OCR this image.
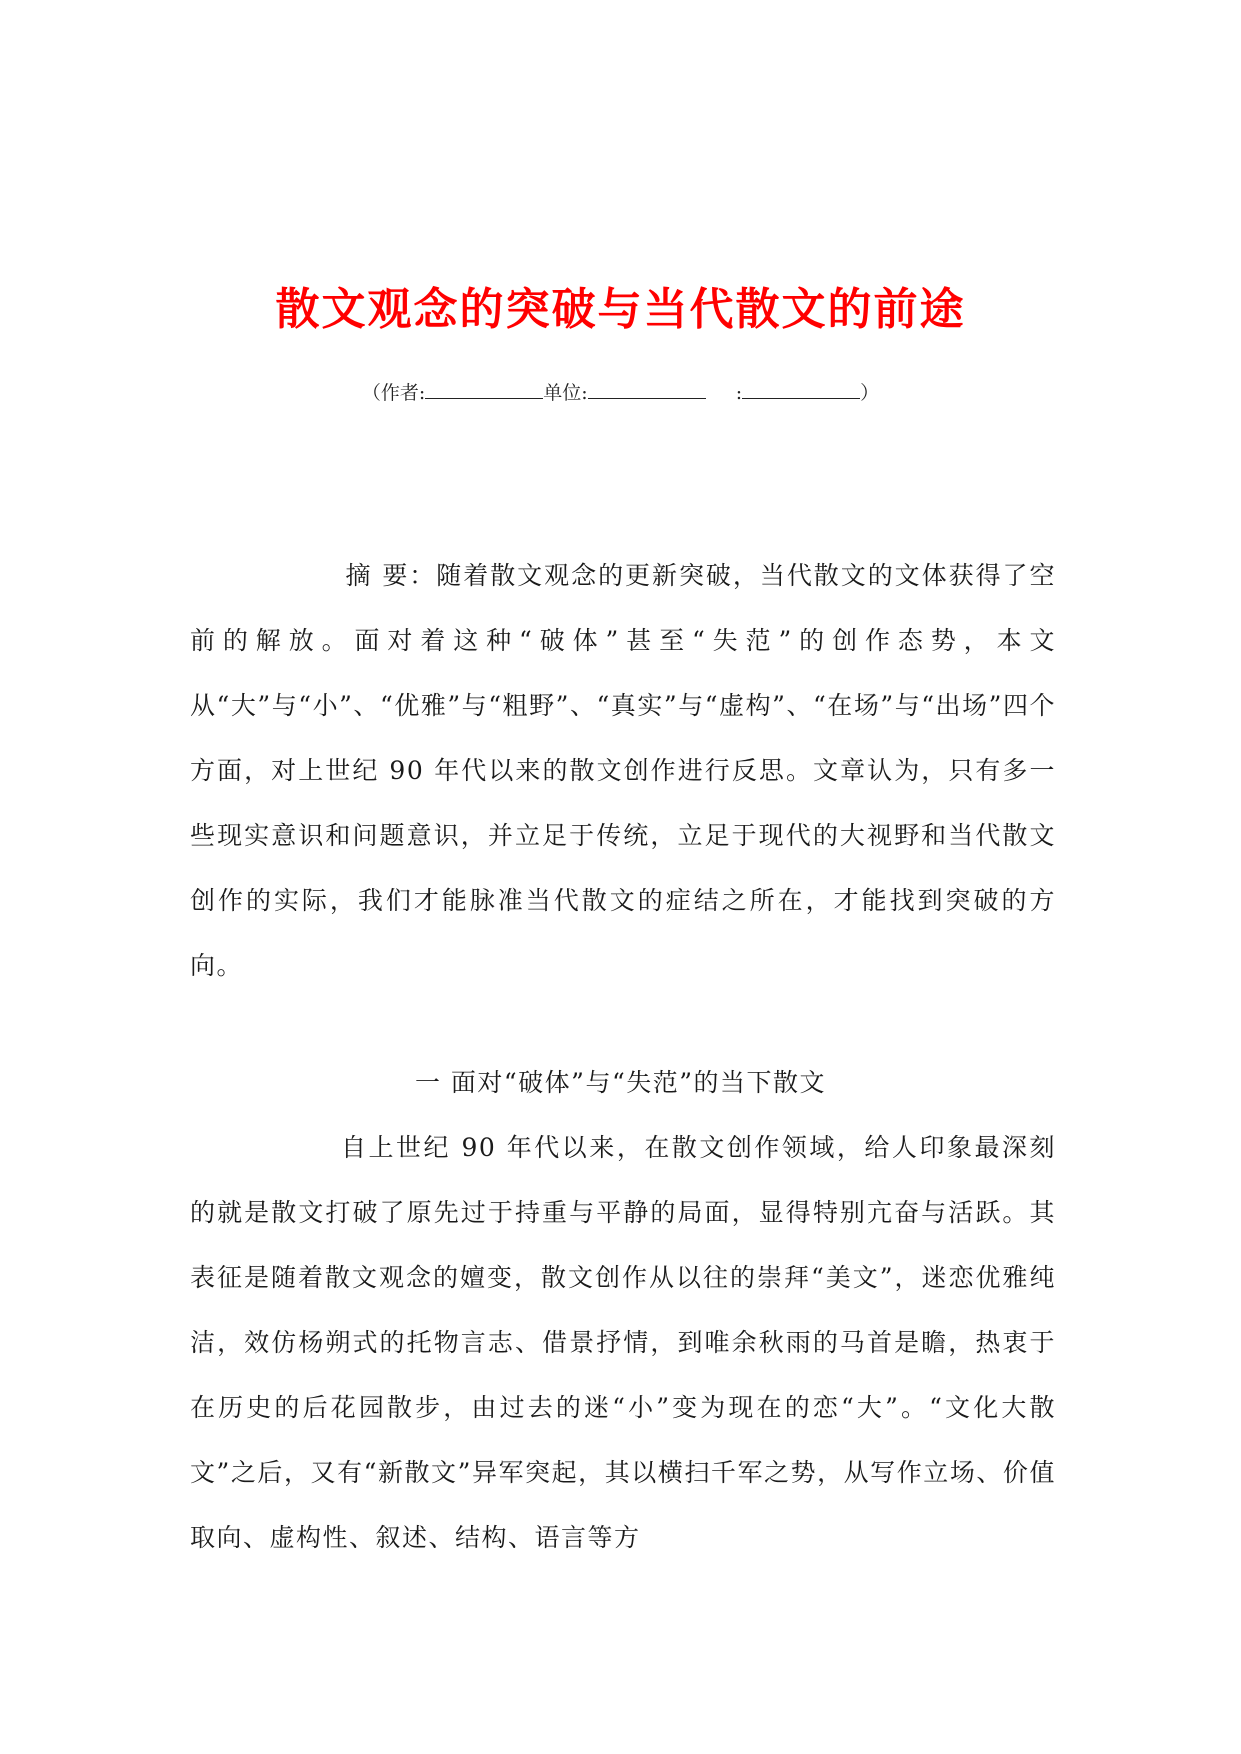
散文观念的突破与当代散文的前途
（作者:	单位:	:	）

摘 要：随着散文观念的更新突破，当代散文的文体获得了空前的解放。面对着这种“破体”甚至“失范”的创作态势，本文从“大”与“小”、“优雅”与“粗野”、“真实”与“虚构”、“在场”与“出场”四个方面，对上世纪 90 年代以来的散文创作进行反思。文章认为，只有多一些现实意识和问题意识，并立足于传统，立足于现代的大视野和当代散文创作的实际，我们才能脉准当代散文的症结之所在，才能找到突破的方向。

一 面对“破体”与“失范”的当下散文

自上世纪 90 年代以来，在散文创作领域，给人印象最深刻的就是散文打破了原先过于持重与平静的局面，显得特别亢奋与活跃。其表征是随着散文观念的嬗变，散文创作从以往的崇拜“美文”，迷恋优雅纯洁，效仿杨朔式的托物言志、借景抒情，到唯余秋雨的马首是瞻，热衷于在历史的后花园散步，由过去的迷“小”变为现在的恋“大”。“文化大散文”之后，又有“新散文”异军突起，其以横扫千军之势，从写作立场、价值取向、虚构性、叙述、结构、语言等方
